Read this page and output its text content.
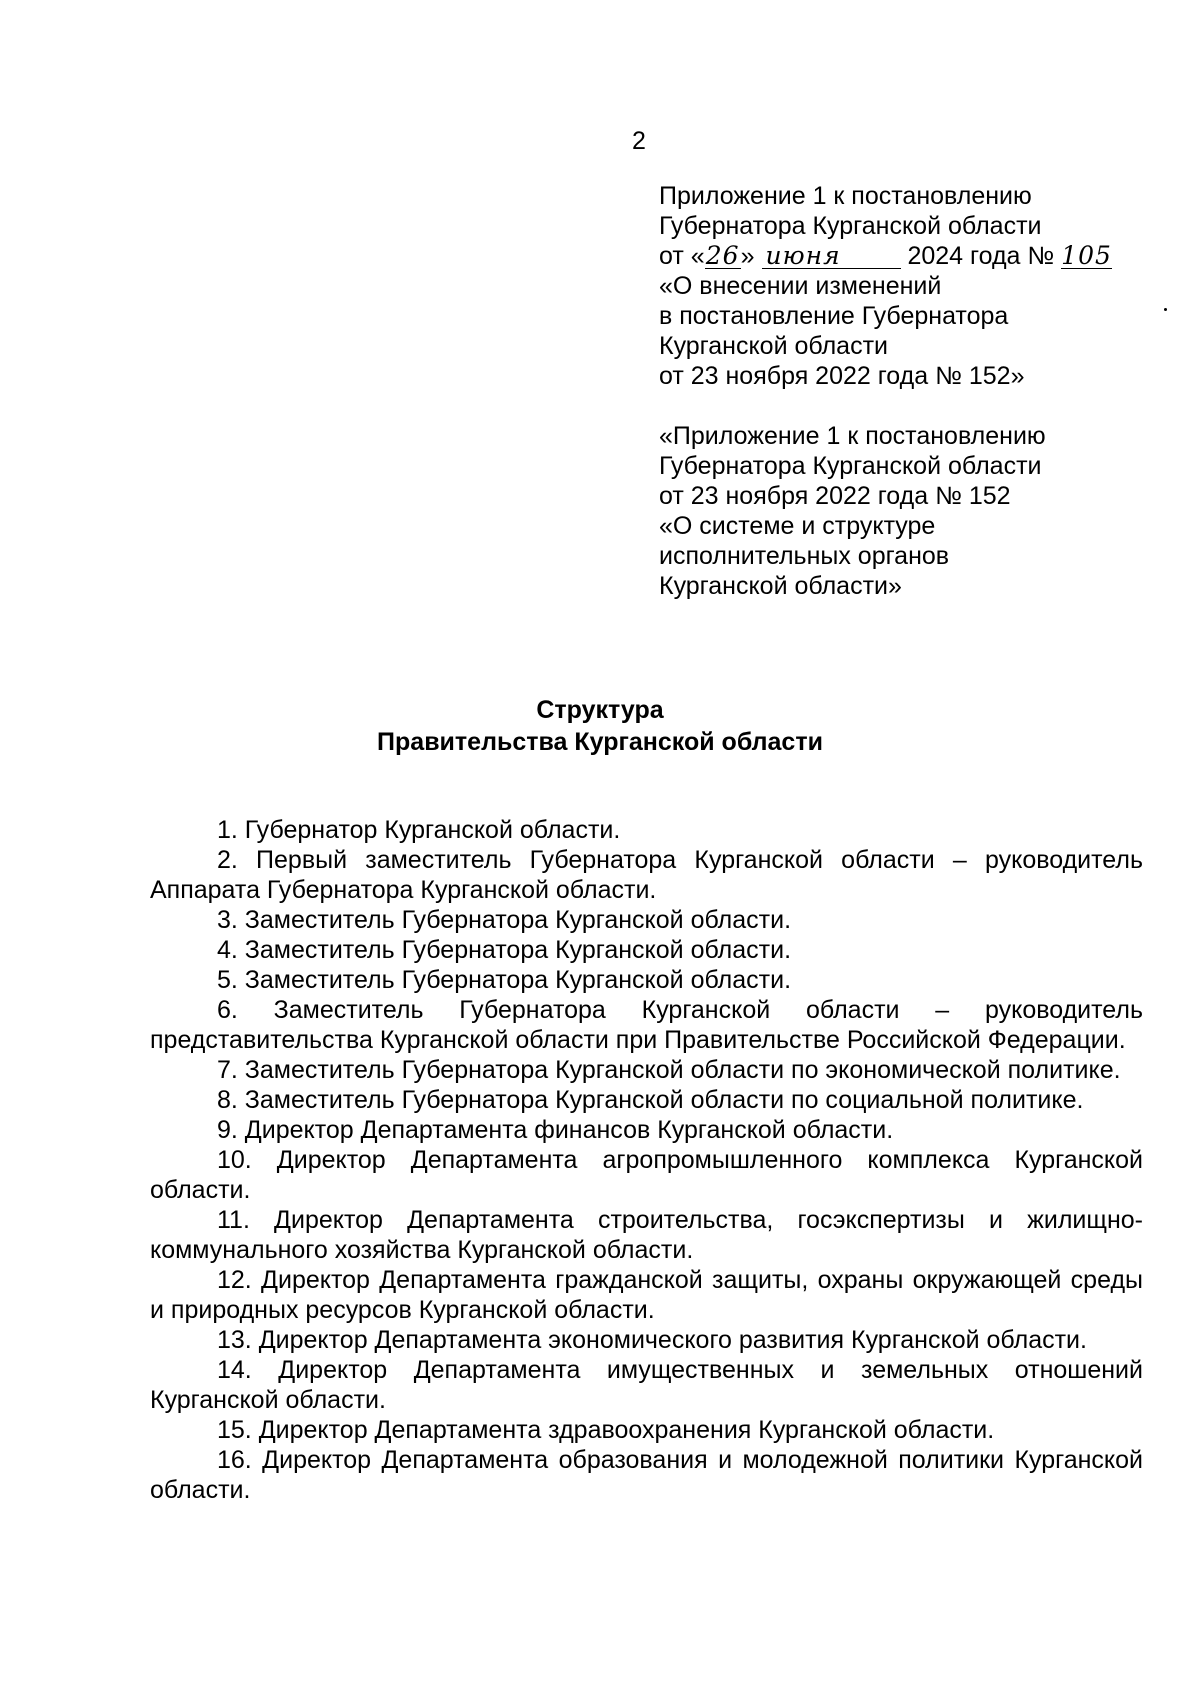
2

Приложение 1 к постановлению

Губернатора Курганской области

от «26» июня	2024 года № 105

«О внесении изменений

в постановление Губернатора

Курганской области

от 23 ноября 2022 года № 152»

«Приложение 1 к постановлению

Губернатора Курганской области

от 23 ноября 2022 года № 152

«О системе и структуре

исполнительных органов

Курганской области»

Структура
Правительства Курганской области

1. Губернатор Курганской области.

2. Первый заместитель Губернатора Курганской области – руководитель Аппарата Губернатора Курганской области.

3. Заместитель Губернатора Курганской области.

4. Заместитель Губернатора Курганской области.

5. Заместитель Губернатора Курганской области.

6. Заместитель Губернатора Курганской области – руководитель представительства Курганской области при Правительстве Российской Федерации.

7. Заместитель Губернатора Курганской области по экономической политике.

8. Заместитель Губернатора Курганской области по социальной политике.

9. Директор Департамента финансов Курганской области.

10. Директор Департамента агропромышленного комплекса Курганской области.

11. Директор Департамента строительства, госэкспертизы и жилищно-коммунального хозяйства Курганской области.

12. Директор Департамента гражданской защиты, охраны окружающей среды и природных ресурсов Курганской области.

13. Директор Департамента экономического развития Курганской области.

14. Директор Департамента имущественных и земельных отношений Курганской области.

15. Директор Департамента здравоохранения Курганской области.

16. Директор Департамента образования и молодежной политики Курганской области.
